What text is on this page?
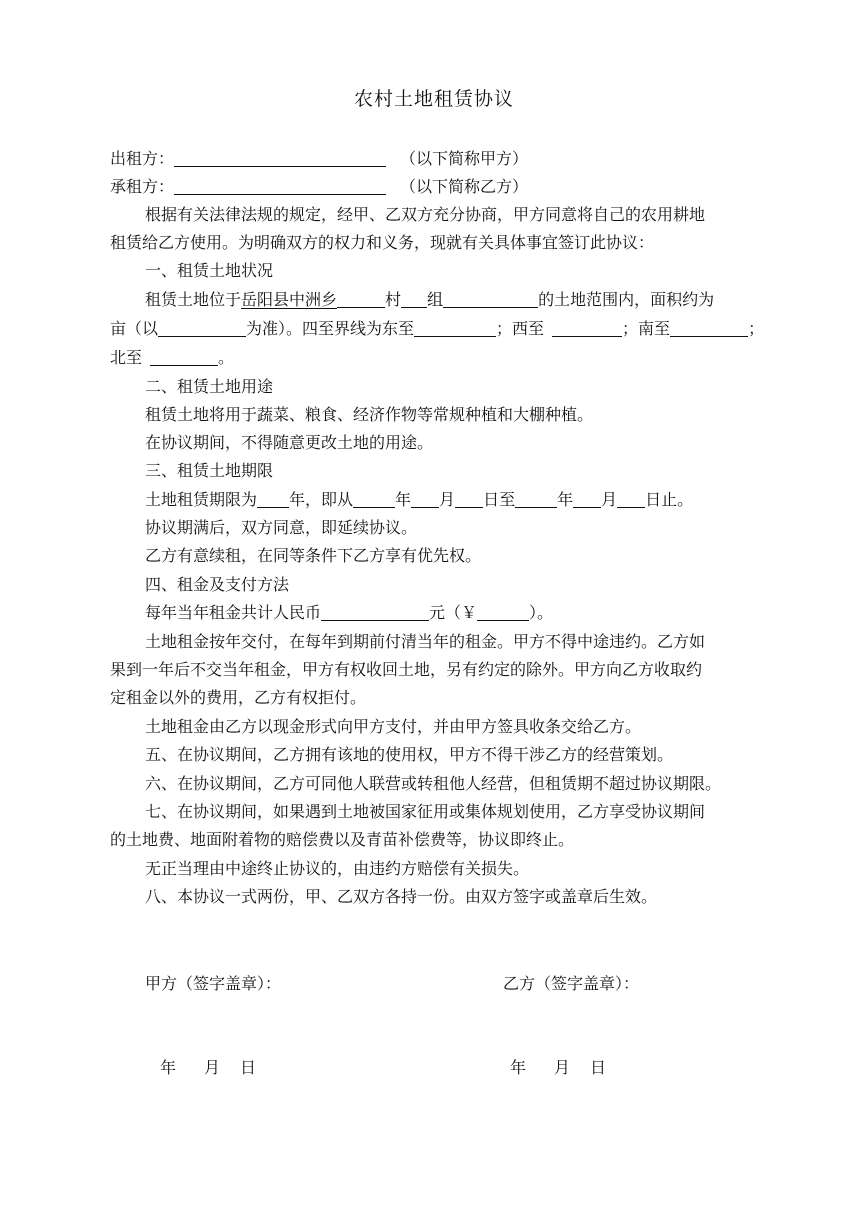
农村土地租赁协议
出租方：	（以下简称甲方）
承租方：	（以下简称乙方）
根据有关法律法规的规定，经甲、乙双方充分协商，甲方同意将自己的农用耕地
租赁给乙方使用。为明确双方的权力和义务，现就有关具体事宜签订此协议：
一、租赁土地状况
租赁土地位于岳阳县中洲乡	村 组	的土地范围内，面积约为
亩（以	为准）。四至界线为东至	；西至	；南至	；
北至	。
二、租赁土地用途
租赁土地将用于蔬菜、粮食、经济作物等常规种植和大棚种植。
在协议期间，不得随意更改土地的用途。
三、租赁土地期限
土地租赁期限为 年，即从	年 月 日至	年 月 日止。
协议期满后，双方同意，即延续协议。
乙方有意续租，在同等条件下乙方享有优先权。
四、租金及支付方法
每年当年租金共计人民币	元（￥	）。
土地租金按年交付，在每年到期前付清当年的租金。甲方不得中途违约。乙方如
果到一年后不交当年租金，甲方有权收回土地，另有约定的除外。甲方向乙方收取约
定租金以外的费用，乙方有权拒付。
土地租金由乙方以现金形式向甲方支付，并由甲方签具收条交给乙方。
五、在协议期间，乙方拥有该地的使用权，甲方不得干涉乙方的经营策划。
六、在协议期间，乙方可同他人联营或转租他人经营，但租赁期不超过协议期限。
七、在协议期间，如果遇到土地被国家征用或集体规划使用，乙方享受协议期间
的土地费、地面附着物的赔偿费以及青苗补偿费等，协议即终止。
无正当理由中途终止协议的，由违约方赔偿有关损失。
八、本协议一式两份，甲、乙双方各持一份。由双方签字或盖章后生效。
甲方（签字盖章）：	乙方（签字盖章）：
年 月 日	年 月 日
